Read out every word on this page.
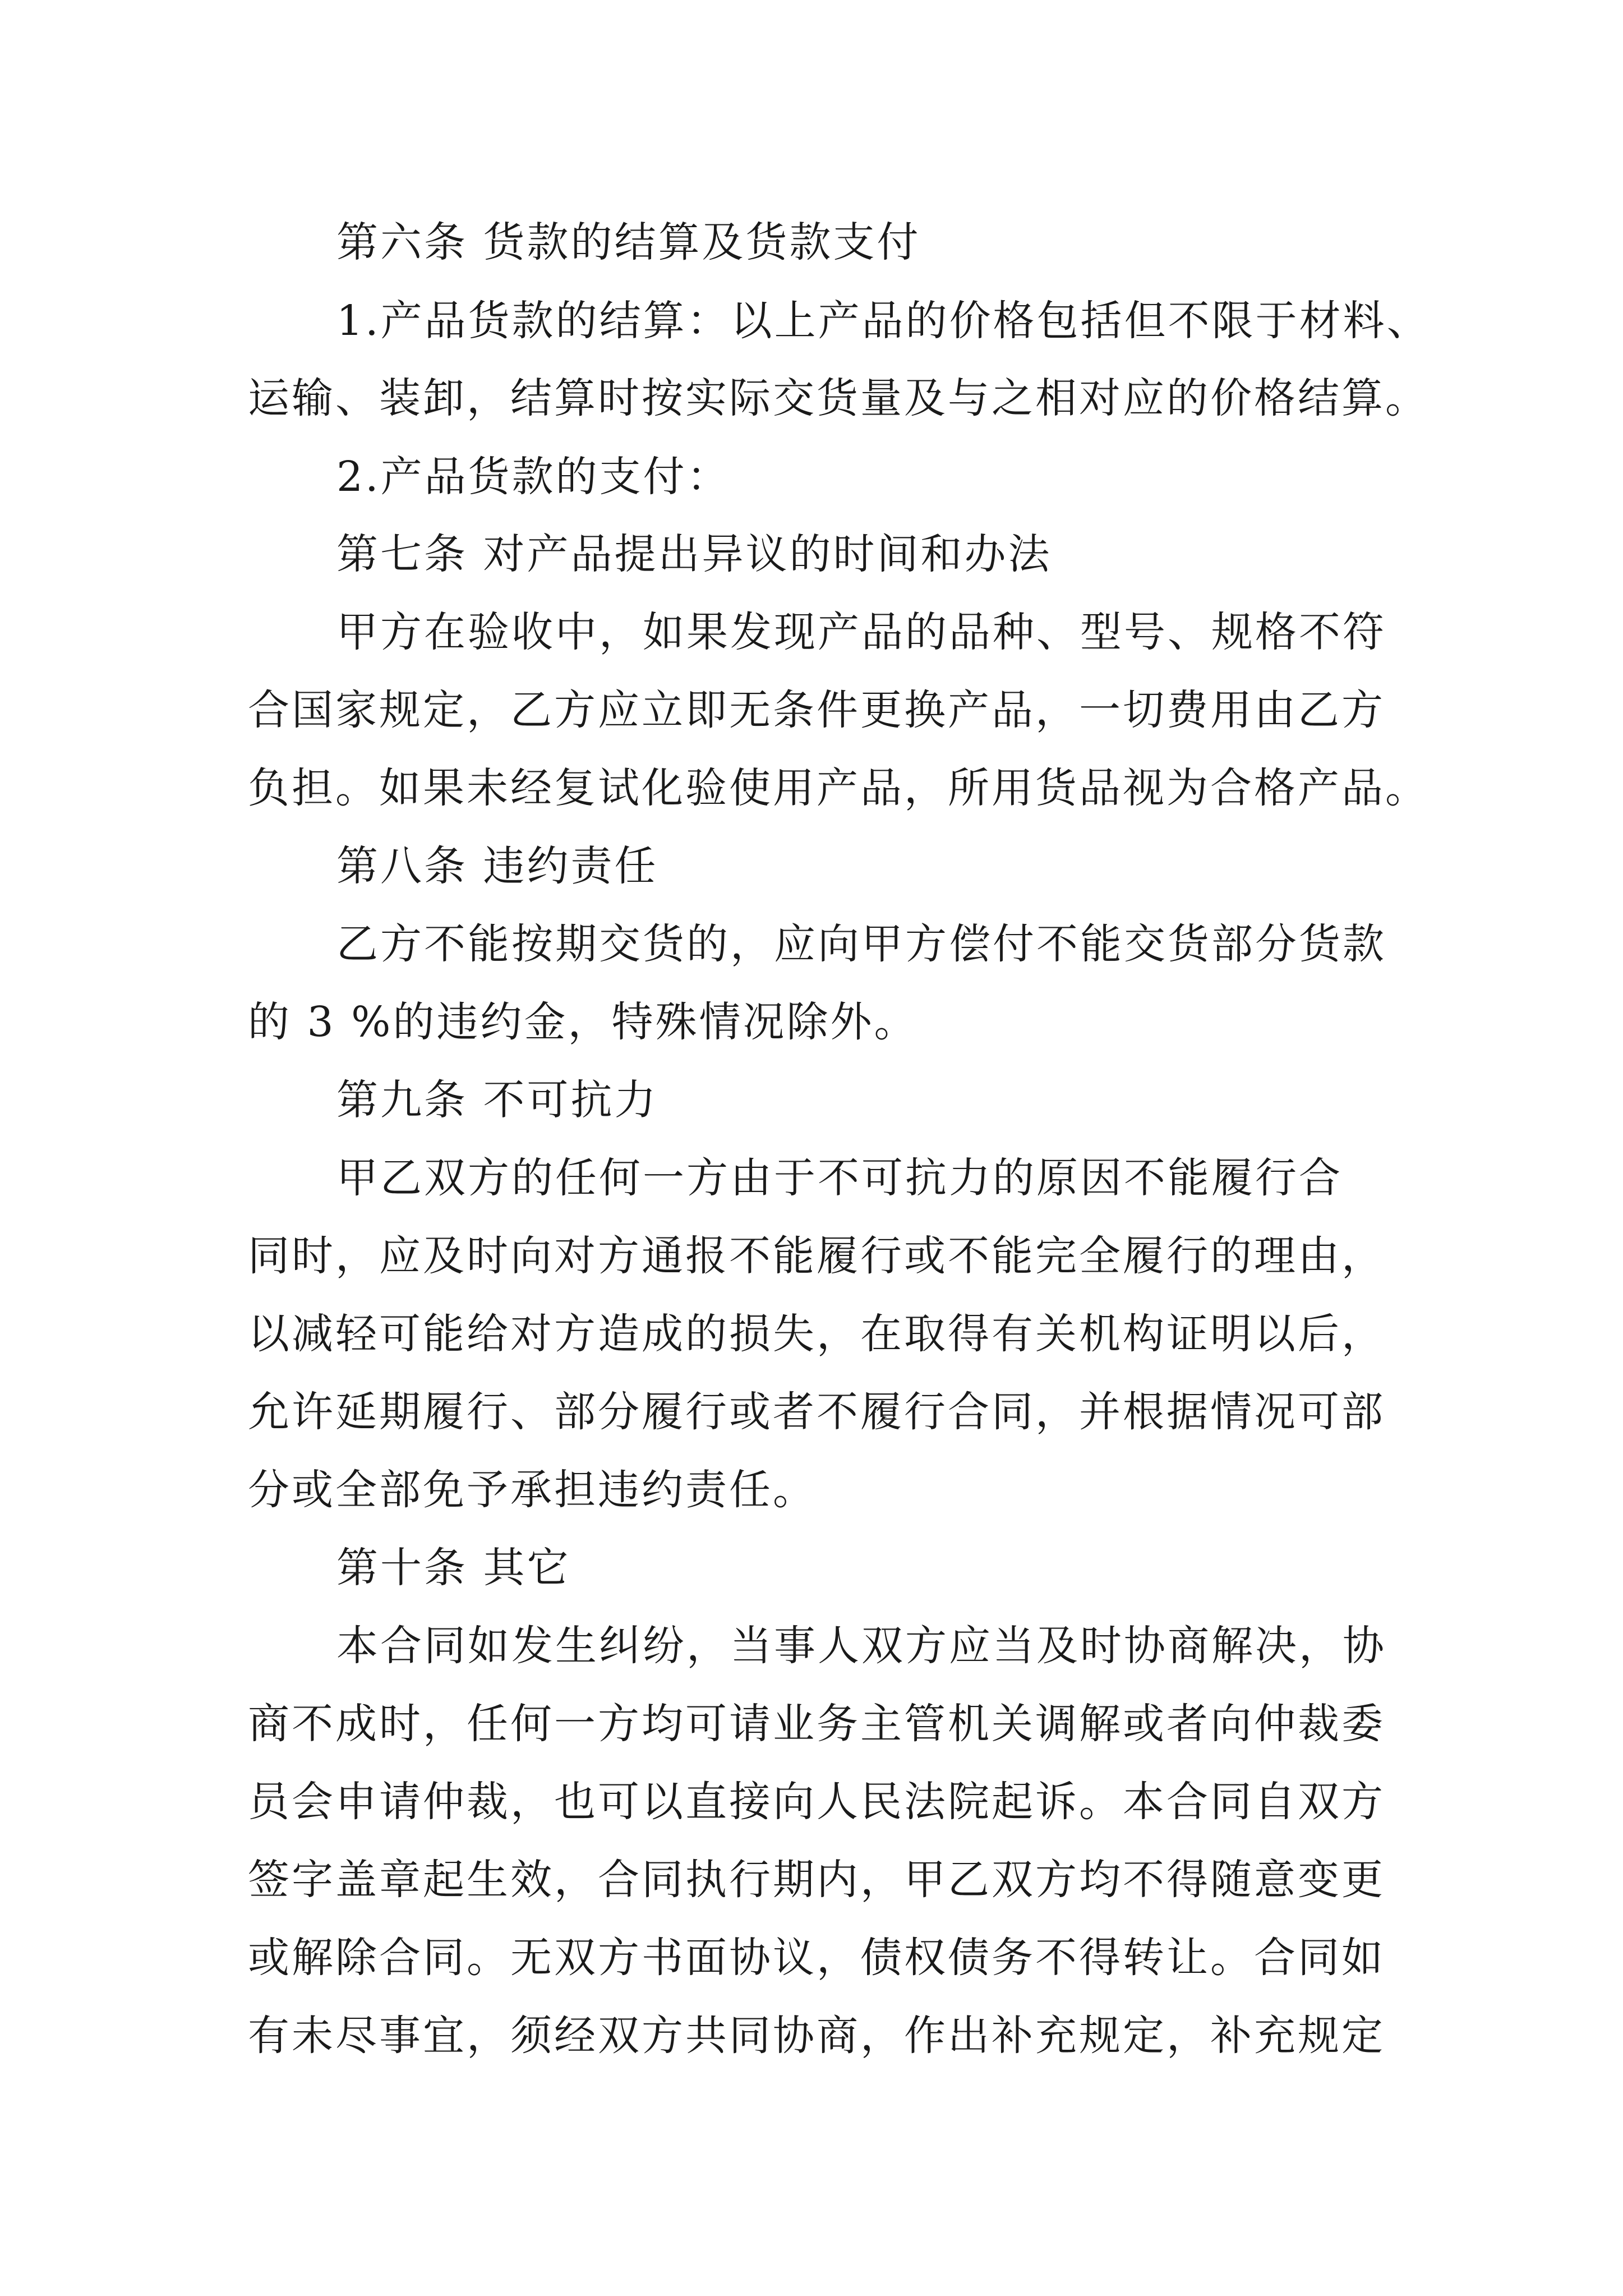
第六条 货款的结算及货款支付
1.产品货款的结算：以上产品的价格包括但不限于材料、
运输、装卸，结算时按实际交货量及与之相对应的价格结算。
2.产品货款的支付：
第七条 对产品提出异议的时间和办法
甲方在验收中，如果发现产品的品种、型号、规格不符
合国家规定，乙方应立即无条件更换产品，一切费用由乙方
负担。如果未经复试化验使用产品，所用货品视为合格产品。
第八条 违约责任
乙方不能按期交货的，应向甲方偿付不能交货部分货款
的 3 %的违约金，特殊情况除外。
第九条 不可抗力
甲乙双方的任何一方由于不可抗力的原因不能履行合
同时，应及时向对方通报不能履行或不能完全履行的理由，
以减轻可能给对方造成的损失，在取得有关机构证明以后，
允许延期履行、部分履行或者不履行合同，并根据情况可部
分或全部免予承担违约责任。
第十条 其它
本合同如发生纠纷，当事人双方应当及时协商解决，协
商不成时，任何一方均可请业务主管机关调解或者向仲裁委
员会申请仲裁，也可以直接向人民法院起诉。本合同自双方
签字盖章起生效，合同执行期内，甲乙双方均不得随意变更
或解除合同。无双方书面协议，债权债务不得转让。合同如
有未尽事宜，须经双方共同协商，作出补充规定，补充规定
